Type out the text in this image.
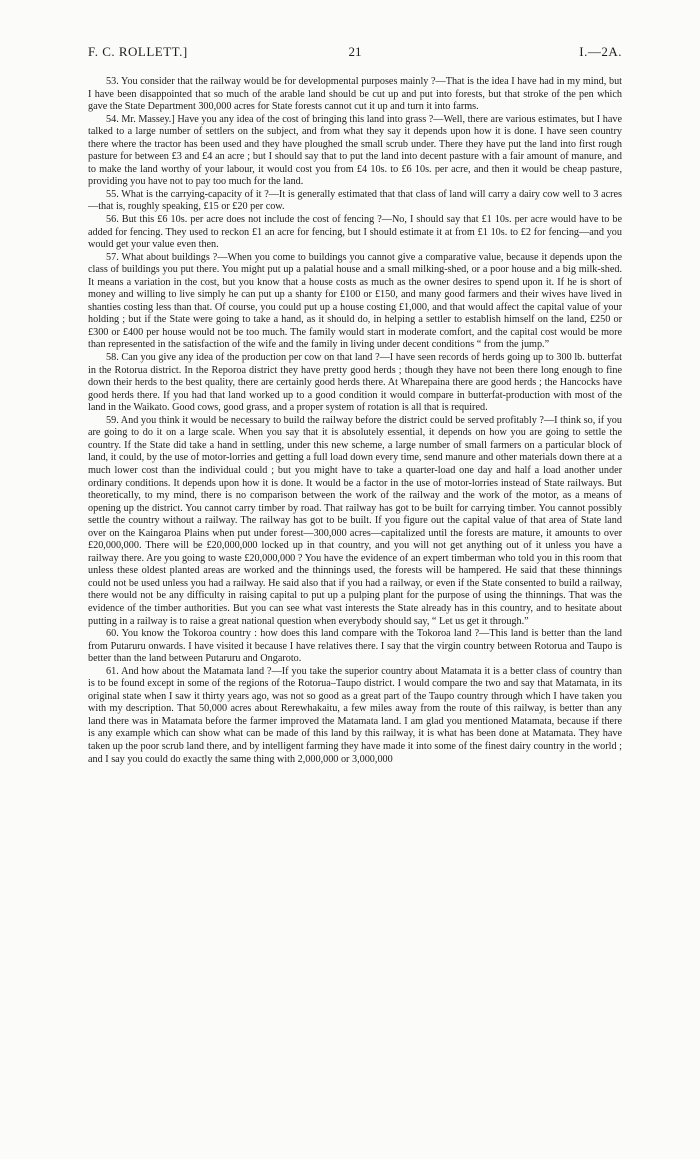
F. C. ROLLETT.]	21	I.—2A.

53. You consider that the railway would be for developmental purposes mainly ?—That is the idea I have had in my mind, but I have been disappointed that so much of the arable land should be cut up and put into forests, but that stroke of the pen which gave the State Department 300,000 acres for State forests cannot cut it up and turn it into farms.

54. Mr. Massey.] Have you any idea of the cost of bringing this land into grass ?—Well, there are various estimates, but I have talked to a large number of settlers on the subject, and from what they say it depends upon how it is done. I have seen country there where the tractor has been used and they have ploughed the small scrub under. There they have put the land into first rough pasture for between £3 and £4 an acre ; but I should say that to put the land into decent pasture with a fair amount of manure, and to make the land worthy of your labour, it would cost you from £4 10s. to £6 10s. per acre, and then it would be cheap pasture, providing you have not to pay too much for the land.

55. What is the carrying-capacity of it ?—It is generally estimated that that class of land will carry a dairy cow well to 3 acres—that is, roughly speaking, £15 or £20 per cow.

56. But this £6 10s. per acre does not include the cost of fencing ?—No, I should say that £1 10s. per acre would have to be added for fencing. They used to reckon £1 an acre for fencing, but I should estimate it at from £1 10s. to £2 for fencing—and you would get your value even then.

57. What about buildings ?—When you come to buildings you cannot give a comparative value, because it depends upon the class of buildings you put there. You might put up a palatial house and a small milking-shed, or a poor house and a big milk-shed. It means a variation in the cost, but you know that a house costs as much as the owner desires to spend upon it. If he is short of money and willing to live simply he can put up a shanty for £100 or £150, and many good farmers and their wives have lived in shanties costing less than that. Of course, you could put up a house costing £1,000, and that would affect the capital value of your holding ; but if the State were going to take a hand, as it should do, in helping a settler to establish himself on the land, £250 or £300 or £400 per house would not be too much. The family would start in moderate comfort, and the capital cost would be more than represented in the satisfaction of the wife and the family in living under decent conditions “ from the jump.”

58. Can you give any idea of the production per cow on that land ?—I have seen records of herds going up to 300 lb. butterfat in the Rotorua district. In the Reporoa district they have pretty good herds ; though they have not been there long enough to fine down their herds to the best quality, there are certainly good herds there. At Wharepaina there are good herds ; the Hancocks have good herds there. If you had that land worked up to a good condition it would compare in butterfat-production with most of the land in the Waikato. Good cows, good grass, and a proper system of rotation is all that is required.

59. And you think it would be necessary to build the railway before the district could be served profitably ?—I think so, if you are going to do it on a large scale. When you say that it is absolutely essential, it depends on how you are going to settle the country. If the State did take a hand in settling, under this new scheme, a large number of small farmers on a particular block of land, it could, by the use of motor-lorries and getting a full load down every time, send manure and other materials down there at a much lower cost than the individual could ; but you might have to take a quarter-load one day and half a load another under ordinary conditions. It depends upon how it is done. It would be a factor in the use of motor-lorries instead of State railways. But theoretically, to my mind, there is no comparison between the work of the railway and the work of the motor, as a means of opening up the district. You cannot carry timber by road. That railway has got to be built for carrying timber. You cannot possibly settle the country without a railway. The railway has got to be built. If you figure out the capital value of that area of State land over on the Kaingaroa Plains when put under forest—300,000 acres—capitalized until the forests are mature, it amounts to over £20,000,000. There will be £20,000,000 locked up in that country, and you will not get anything out of it unless you have a railway there. Are you going to waste £20,000,000 ? You have the evidence of an expert timberman who told you in this room that unless these oldest planted areas are worked and the thinnings used, the forests will be hampered. He said that these thinnings could not be used unless you had a railway. He said also that if you had a railway, or even if the State consented to build a railway, there would not be any difficulty in raising capital to put up a pulping plant for the purpose of using the thinnings. That was the evidence of the timber authorities. But you can see what vast interests the State already has in this country, and to hesitate about putting in a railway is to raise a great national question when everybody should say, “ Let us get it through.”

60. You know the Tokoroa country : how does this land compare with the Tokoroa land ?—This land is better than the land from Putaruru onwards. I have visited it because I have relatives there. I say that the virgin country between Rotorua and Taupo is better than the land between Putaruru and Ongaroto.

61. And how about the Matamata land ?—If you take the superior country about Matamata it is a better class of country than is to be found except in some of the regions of the Rotorua–Taupo district. I would compare the two and say that Matamata, in its original state when I saw it thirty years ago, was not so good as a great part of the Taupo country through which I have taken you with my description. That 50,000 acres about Rerewhakaitu, a few miles away from the route of this railway, is better than any land there was in Matamata before the farmer improved the Matamata land. I am glad you mentioned Matamata, because if there is any example which can show what can be made of this land by this railway, it is what has been done at Matamata. They have taken up the poor scrub land there, and by intelligent farming they have made it into some of the finest dairy country in the world ; and I say you could do exactly the same thing with 2,000,000 or 3,000,000
